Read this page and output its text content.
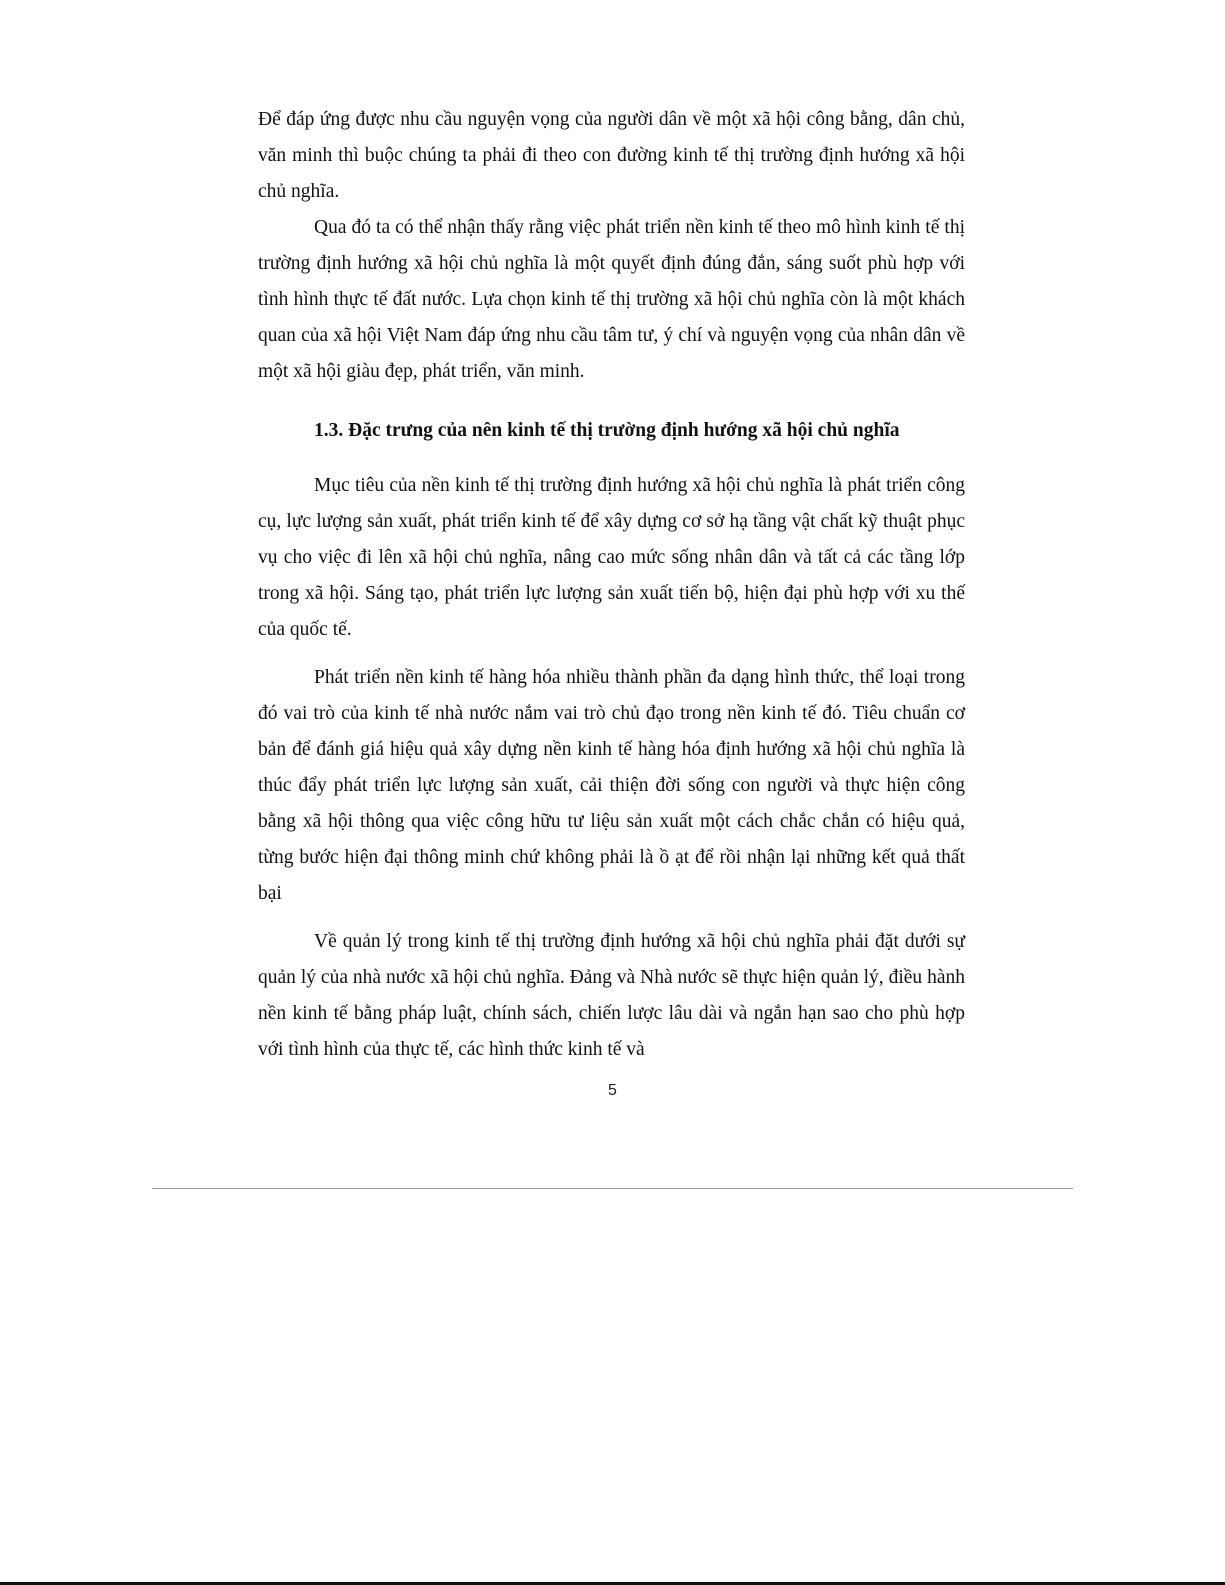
Để đáp ứng được nhu cầu nguyện vọng của người dân về một xã hội công bằng, dân chủ, văn minh thì buộc chúng ta phải đi theo con đường kinh tế thị trường định hướng xã hội chủ nghĩa.

Qua đó ta có thể nhận thấy rằng việc phát triển nền kinh tế theo mô hình kinh tế thị trường định hướng xã hội chủ nghĩa là một quyết định đúng đắn, sáng suốt phù hợp với tình hình thực tế đất nước. Lựa chọn kinh tế thị trường xã hội chủ nghĩa còn là một khách quan của xã hội Việt Nam đáp ứng nhu cầu tâm tư, ý chí và nguyện vọng của nhân dân về một xã hội giàu đẹp, phát triển, văn minh.

1.3. Đặc trưng của nên kinh tế thị trường định hướng xã hội chủ nghĩa

Mục tiêu của nền kinh tế thị trường định hướng xã hội chủ nghĩa là phát triển công cụ, lực lượng sản xuất, phát triển kinh tế để xây dựng cơ sở hạ tầng vật chất kỹ thuật phục vụ cho việc đi lên xã hội chủ nghĩa, nâng cao mức sống nhân dân và tất cả các tầng lớp trong xã hội. Sáng tạo, phát triển lực lượng sản xuất tiến bộ, hiện đại phù hợp với xu thế của quốc tế.

Phát triển nền kinh tế hàng hóa nhiều thành phần đa dạng hình thức, thể loại trong đó vai trò của kinh tế nhà nước nắm vai trò chủ đạo trong nền kinh tế đó. Tiêu chuẩn cơ bản để đánh giá hiệu quả xây dựng nền kinh tế hàng hóa định hướng xã hội chủ nghĩa là thúc đẩy phát triển lực lượng sản xuất, cải thiện đời sống con người và thực hiện công bằng xã hội thông qua việc công hữu tư liệu sản xuất một cách chắc chắn có hiệu quả, từng bước hiện đại thông minh chứ không phải là ồ ạt để rồi nhận lại những kết quả thất bại

Về quản lý trong kinh tế thị trường định hướng xã hội chủ nghĩa phải đặt dưới sự quản lý của nhà nước xã hội chủ nghĩa. Đảng và Nhà nước sẽ thực hiện quản lý, điều hành nền kinh tế bằng pháp luật, chính sách, chiến lược lâu dài và ngắn hạn sao cho phù hợp với tình hình của thực tế, các hình thức kinh tế và

5
